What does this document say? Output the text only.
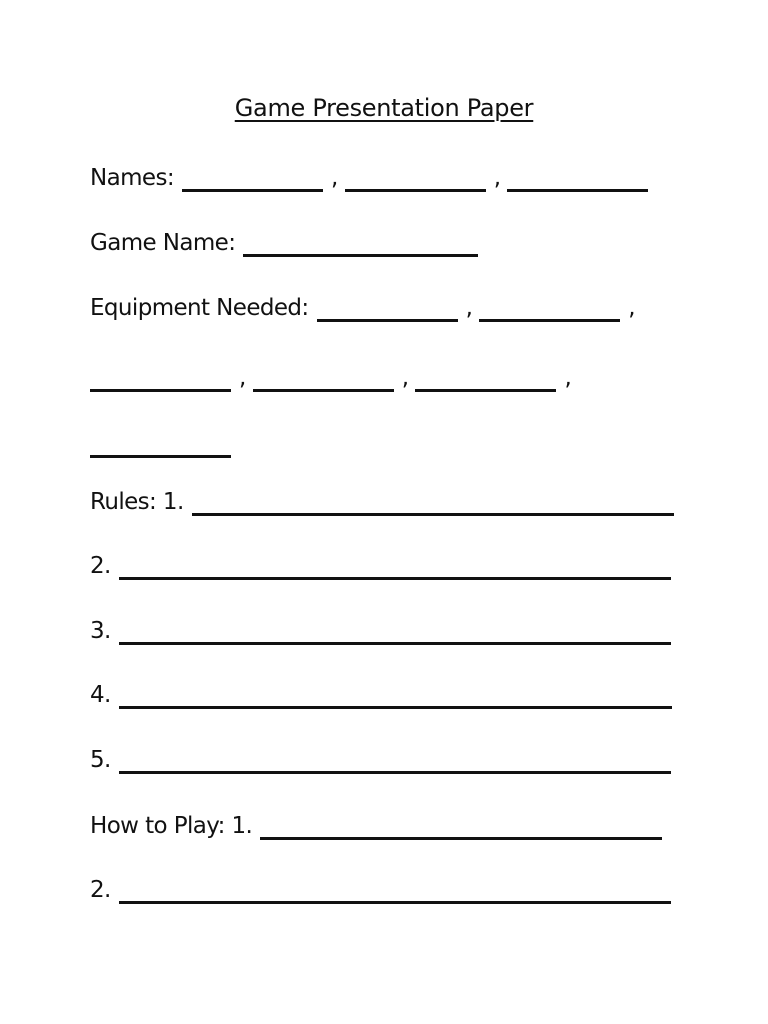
Game Presentation Paper
Names:	,	,
Game Name:
Equipment Needed:	,	,
,	,	,
Rules: 1.
2.
3.
4.
5.
How to Play: 1.
2.
